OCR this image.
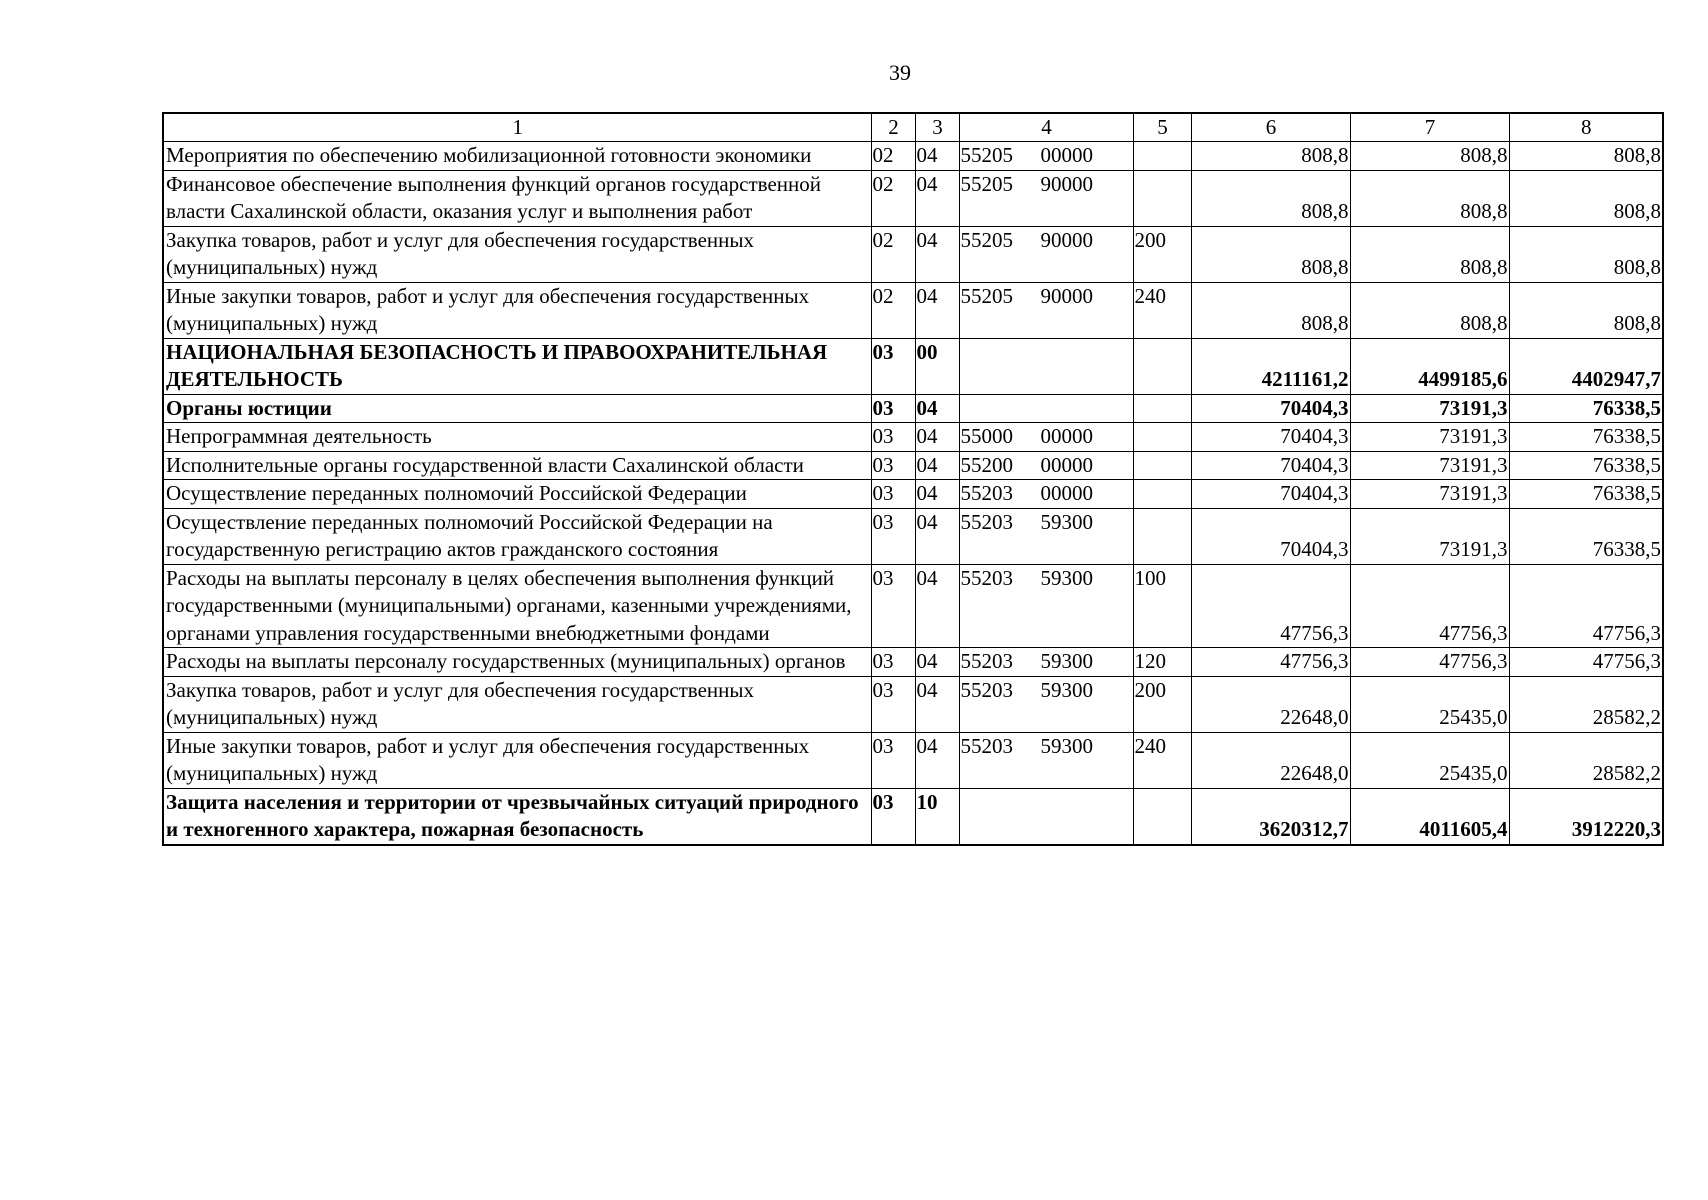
39
1	2	3	4	5	6	7	8
Мероприятия по обеспечению мобилизационной готовности экономики	02	04	55205 00000		808,8	808,8	808,8
Финансовое обеспечение выполнения функций органов государственной власти Сахалинской области, оказания услуг и выполнения работ	02	04	55205 90000		808,8	808,8	808,8
Закупка товаров, работ и услуг для обеспечения государственных (муниципальных) нужд	02	04	55205 90000	200	808,8	808,8	808,8
Иные закупки товаров, работ и услуг для обеспечения государственных (муниципальных) нужд	02	04	55205 90000	240	808,8	808,8	808,8
НАЦИОНАЛЬНАЯ БЕЗОПАСНОСТЬ И ПРАВООХРАНИТЕЛЬНАЯ ДЕЯТЕЛЬНОСТЬ	03	00			4211161,2	4499185,6	4402947,7
Органы юстиции	03	04			70404,3	73191,3	76338,5
Непрограммная деятельность	03	04	55000 00000		70404,3	73191,3	76338,5
Исполнительные органы государственной власти Сахалинской области	03	04	55200 00000		70404,3	73191,3	76338,5
Осуществление переданных полномочий Российской Федерации	03	04	55203 00000		70404,3	73191,3	76338,5
Осуществление переданных полномочий Российской Федерации на государственную регистрацию актов гражданского состояния	03	04	55203 59300		70404,3	73191,3	76338,5
Расходы на выплаты персоналу в целях обеспечения выполнения функций государственными (муниципальными) органами, казенными учреждениями, органами управления государственными внебюджетными фондами	03	04	55203 59300	100	47756,3	47756,3	47756,3
Расходы на выплаты персоналу государственных (муниципальных) органов	03	04	55203 59300	120	47756,3	47756,3	47756,3
Закупка товаров, работ и услуг для обеспечения государственных (муниципальных) нужд	03	04	55203 59300	200	22648,0	25435,0	28582,2
Иные закупки товаров, работ и услуг для обеспечения государственных (муниципальных) нужд	03	04	55203 59300	240	22648,0	25435,0	28582,2
Защита населения и территории от чрезвычайных ситуаций природного и техногенного характера, пожарная безопасность	03	10			3620312,7	4011605,4	3912220,3
